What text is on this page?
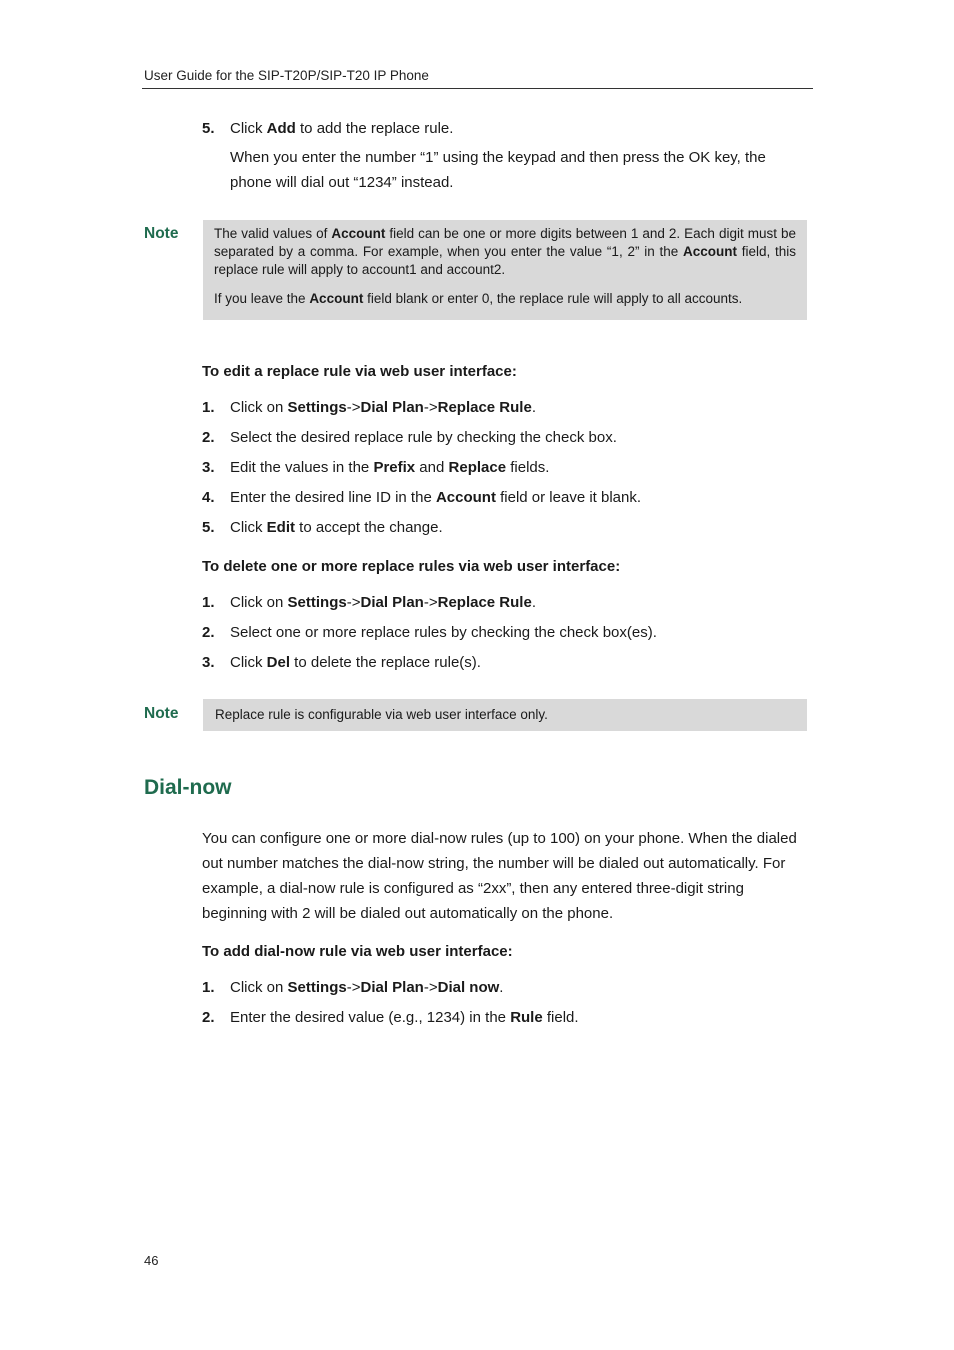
User Guide for the SIP-T20P/SIP-T20 IP Phone
5. Click Add to add the replace rule.
When you enter the number “1” using the keypad and then press the OK key, the phone will dial out “1234” instead.
Note	The valid values of Account field can be one or more digits between 1 and 2. Each digit must be separated by a comma. For example, when you enter the value “1, 2” in the Account field, this replace rule will apply to account1 and account2.

If you leave the Account field blank or enter 0, the replace rule will apply to all accounts.

To edit a replace rule via web user interface:
1. Click on Settings->Dial Plan->Replace Rule.
2. Select the desired replace rule by checking the check box.
3. Edit the values in the Prefix and Replace fields.
4. Enter the desired line ID in the Account field or leave it blank.
5. Click Edit to accept the change.
To delete one or more replace rules via web user interface:
1. Click on Settings->Dial Plan->Replace Rule.
2. Select one or more replace rules by checking the check box(es).
3. Click Del to delete the replace rule(s).
Note	Replace rule is configurable via web user interface only.
Dial-now
You can configure one or more dial-now rules (up to 100) on your phone. When the dialed out number matches the dial-now string, the number will be dialed out automatically. For example, a dial-now rule is configured as “2xx”, then any entered three-digit string beginning with 2 will be dialed out automatically on the phone.
To add dial-now rule via web user interface:
1. Click on Settings->Dial Plan->Dial now.
2. Enter the desired value (e.g., 1234) in the Rule field.
46
